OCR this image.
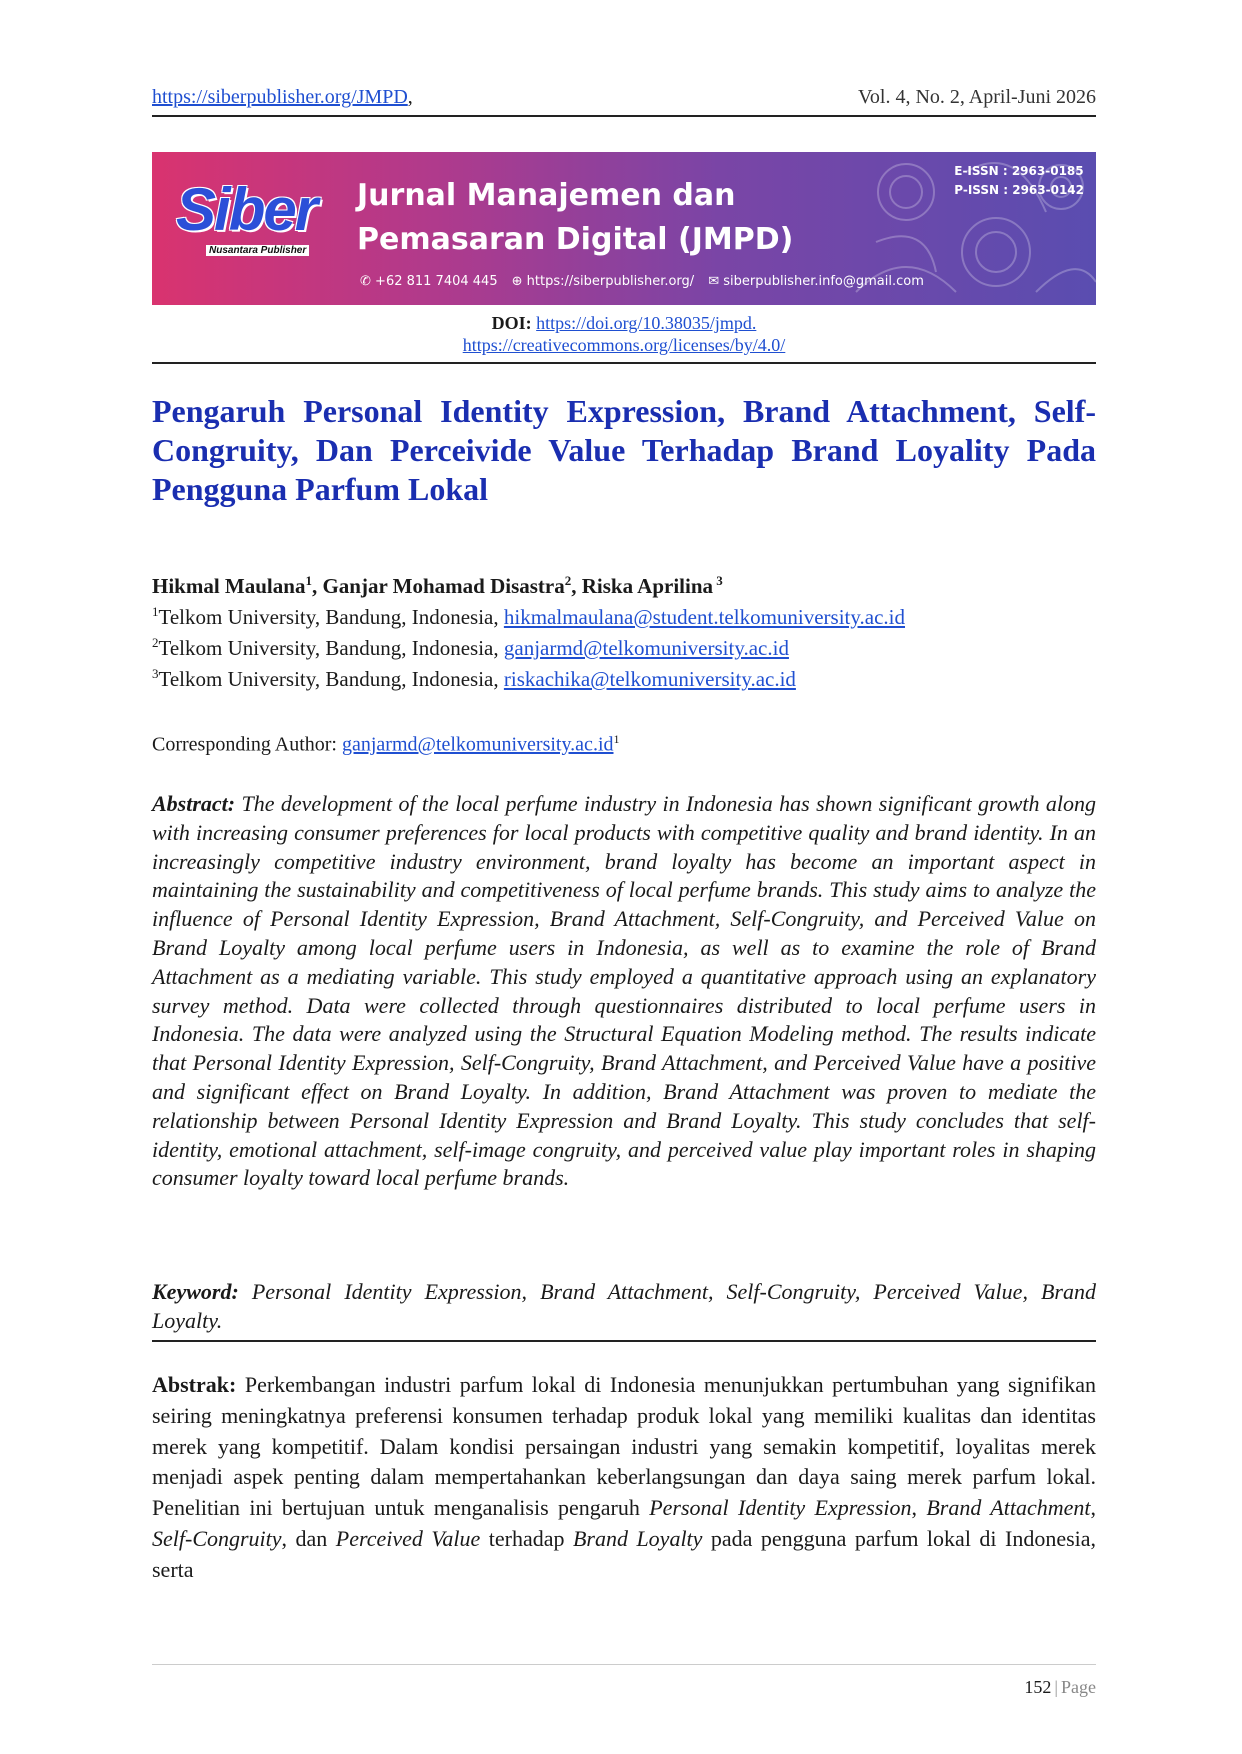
https://siberpublisher.org/JMPD,	Vol. 4, No. 2, April-Juni 2026
Siber
Nusantara Publisher
Jurnal Manajemen dan
Pemasaran Digital (JMPD)
✆ +62 811 7404 445 ⊕ https://siberpublisher.org/ ✉ siberpublisher.info@gmail.com
E-ISSN : 2963-0185
P-ISSN : 2963-0142
DOI: https://doi.org/10.38035/jmpd.
https://creativecommons.org/licenses/by/4.0/
Pengaruh Personal Identity Expression, Brand Attachment, Self-Congruity, Dan Perceivide Value Terhadap Brand Loyality Pada Pengguna Parfum Lokal
Hikmal Maulana$^1$, Ganjar Mohamad Disastra$^2$, Riska Aprilina $^3$
$^1$Telkom University, Bandung, Indonesia, hikmalmaulana@student.telkomuniversity.ac.id
$^2$Telkom University, Bandung, Indonesia, ganjarmd@telkomuniversity.ac.id
$^3$Telkom University, Bandung, Indonesia, riskachika@telkomuniversity.ac.id
Corresponding Author: $ganjarmd@telkomuniversity.ac.id^1$
Abstract: The development of the local perfume industry in Indonesia has shown significant growth along with increasing consumer preferences for local products with competitive quality and brand identity. In an increasingly competitive industry environment, brand loyalty has become an important aspect in maintaining the sustainability and competitiveness of local perfume brands. This study aims to analyze the influence of Personal Identity Expression, Brand Attachment, Self-Congruity, and Perceived Value on Brand Loyalty among local perfume users in Indonesia, as well as to examine the role of Brand Attachment as a mediating variable. This study employed a quantitative approach using an explanatory survey method. Data were collected through questionnaires distributed to local perfume users in Indonesia. The data were analyzed using the Structural Equation Modeling method. The results indicate that Personal Identity Expression, Self-Congruity, Brand Attachment, and Perceived Value have a positive and significant effect on Brand Loyalty. In addition, Brand Attachment was proven to mediate the relationship between Personal Identity Expression and Brand Loyalty. This study concludes that self-identity, emotional attachment, self-image congruity, and perceived value play important roles in shaping consumer loyalty toward local perfume brands.
Keyword: Personal Identity Expression, Brand Attachment, Self-Congruity, Perceived Value, Brand Loyalty.
Abstrak: Perkembangan industri parfum lokal di Indonesia menunjukkan pertumbuhan yang signifikan seiring meningkatnya preferensi konsumen terhadap produk lokal yang memiliki kualitas dan identitas merek yang kompetitif. Dalam kondisi persaingan industri yang semakin kompetitif, loyalitas merek menjadi aspek penting dalam mempertahankan keberlangsungan dan daya saing merek parfum lokal. Penelitian ini bertujuan untuk menganalisis pengaruh Personal Identity Expression, Brand Attachment, Self-Congruity, dan Perceived Value terhadap Brand Loyalty pada pengguna parfum lokal di Indonesia, serta
152 | Page
